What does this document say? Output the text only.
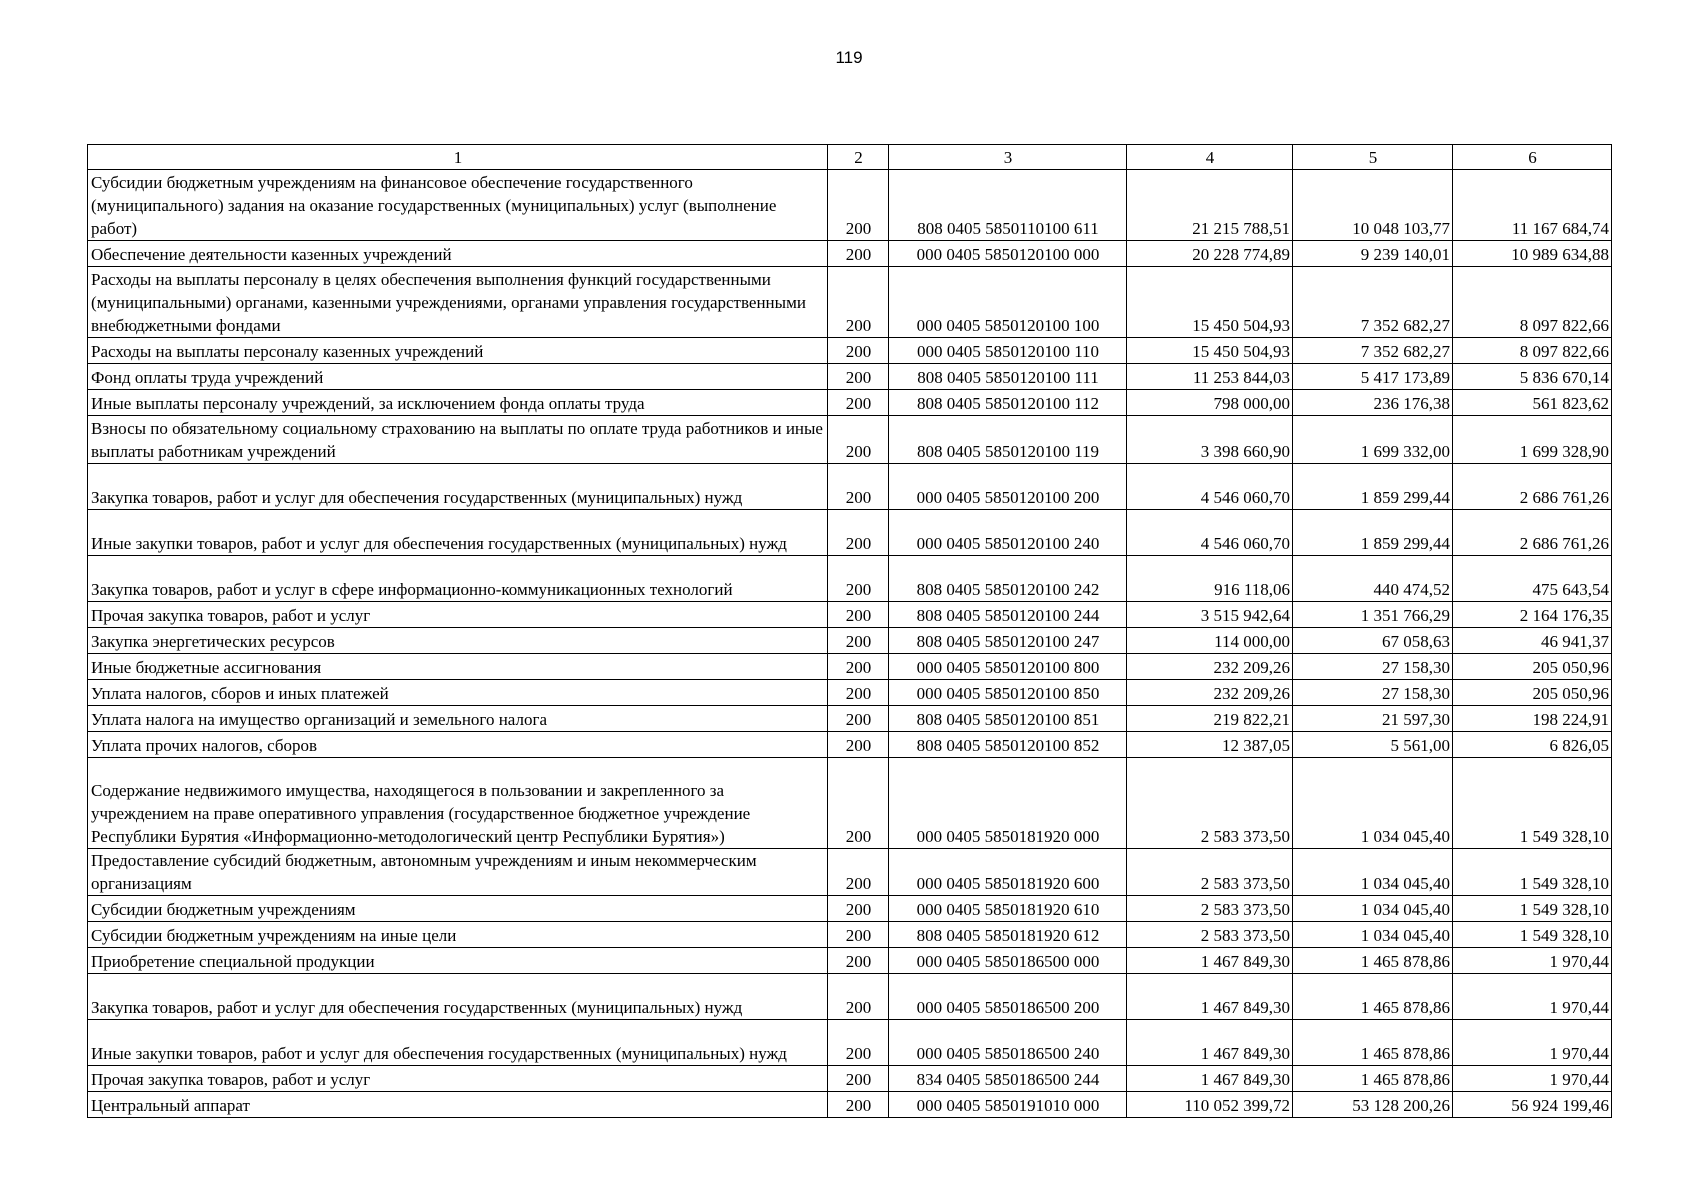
119
1	2	3	4	5	6
Субсидии бюджетным учреждениям на финансовое обеспечение государственного (муниципального) задания на оказание государственных (муниципальных) услуг (выполнение работ)	200	808 0405 5850110100 611	21 215 788,51	10 048 103,77	11 167 684,74
Обеспечение деятельности казенных учреждений	200	000 0405 5850120100 000	20 228 774,89	9 239 140,01	10 989 634,88
Расходы на выплаты персоналу в целях обеспечения выполнения функций государственными (муниципальными) органами, казенными учреждениями, органами управления государственными внебюджетными фондами	200	000 0405 5850120100 100	15 450 504,93	7 352 682,27	8 097 822,66
Расходы на выплаты персоналу казенных учреждений	200	000 0405 5850120100 110	15 450 504,93	7 352 682,27	8 097 822,66
Фонд оплаты труда учреждений	200	808 0405 5850120100 111	11 253 844,03	5 417 173,89	5 836 670,14
Иные выплаты персоналу учреждений, за исключением фонда оплаты труда	200	808 0405 5850120100 112	798 000,00	236 176,38	561 823,62
Взносы по обязательному социальному страхованию на выплаты по оплате труда работников и иные выплаты работникам учреждений	200	808 0405 5850120100 119	3 398 660,90	1 699 332,00	1 699 328,90
Закупка товаров, работ и услуг для обеспечения государственных (муниципальных) нужд	200	000 0405 5850120100 200	4 546 060,70	1 859 299,44	2 686 761,26
Иные закупки товаров, работ и услуг для обеспечения государственных (муниципальных) нужд	200	000 0405 5850120100 240	4 546 060,70	1 859 299,44	2 686 761,26
Закупка товаров, работ и услуг в сфере информационно-коммуникационных технологий	200	808 0405 5850120100 242	916 118,06	440 474,52	475 643,54
Прочая закупка товаров, работ и услуг	200	808 0405 5850120100 244	3 515 942,64	1 351 766,29	2 164 176,35
Закупка энергетических ресурсов	200	808 0405 5850120100 247	114 000,00	67 058,63	46 941,37
Иные бюджетные ассигнования	200	000 0405 5850120100 800	232 209,26	27 158,30	205 050,96
Уплата налогов, сборов и иных платежей	200	000 0405 5850120100 850	232 209,26	27 158,30	205 050,96
Уплата налога на имущество организаций и земельного налога	200	808 0405 5850120100 851	219 822,21	21 597,30	198 224,91
Уплата прочих налогов, сборов	200	808 0405 5850120100 852	12 387,05	5 561,00	6 826,05
Содержание недвижимого имущества, находящегося в пользовании и закрепленного за учреждением на праве оперативного управления (государственное бюджетное учреждение Республики Бурятия «Информационно-методологический центр Республики Бурятия»)	200	000 0405 5850181920 000	2 583 373,50	1 034 045,40	1 549 328,10
Предоставление субсидий бюджетным, автономным учреждениям и иным некоммерческим организациям	200	000 0405 5850181920 600	2 583 373,50	1 034 045,40	1 549 328,10
Субсидии бюджетным учреждениям	200	000 0405 5850181920 610	2 583 373,50	1 034 045,40	1 549 328,10
Субсидии бюджетным учреждениям на иные цели	200	808 0405 5850181920 612	2 583 373,50	1 034 045,40	1 549 328,10
Приобретение специальной продукции	200	000 0405 5850186500 000	1 467 849,30	1 465 878,86	1 970,44
Закупка товаров, работ и услуг для обеспечения государственных (муниципальных) нужд	200	000 0405 5850186500 200	1 467 849,30	1 465 878,86	1 970,44
Иные закупки товаров, работ и услуг для обеспечения государственных (муниципальных) нужд	200	000 0405 5850186500 240	1 467 849,30	1 465 878,86	1 970,44
Прочая закупка товаров, работ и услуг	200	834 0405 5850186500 244	1 467 849,30	1 465 878,86	1 970,44
Центральный аппарат	200	000 0405 5850191010 000	110 052 399,72	53 128 200,26	56 924 199,46
